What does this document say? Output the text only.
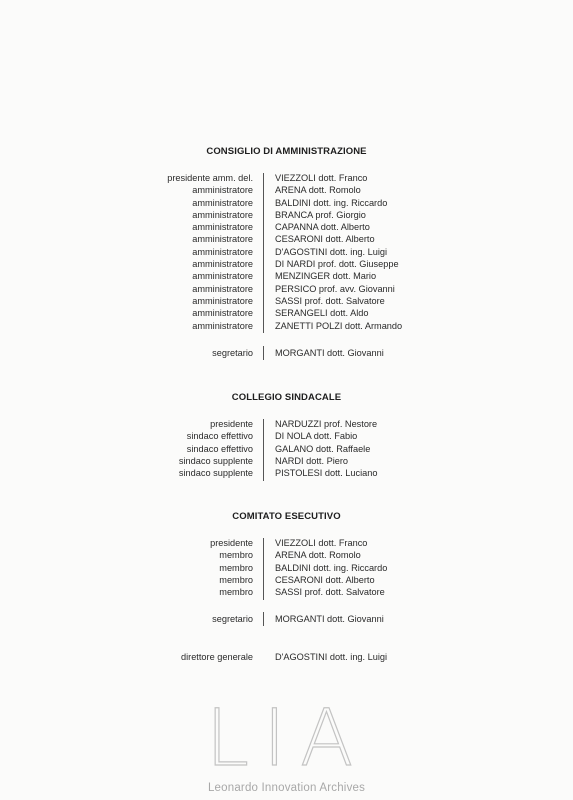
CONSIGLIO DI AMMINISTRAZIONE
presidente amm. del. VIEZZOLI dott. Franco
amministratore ARENA dott. Romolo
amministratore BALDINI dott. ing. Riccardo
amministratore BRANCA prof. Giorgio
amministratore CAPANNA dott. Alberto
amministratore CESARONI dott. Alberto
amministratore D'AGOSTINI dott. ing. Luigi
amministratore DI NARDI prof. dott. Giuseppe
amministratore MENZINGER dott. Mario
amministratore PERSICO prof. avv. Giovanni
amministratore SASSI prof. dott. Salvatore
amministratore SERANGELI dott. Aldo
amministratore ZANETTI POLZI dott. Armando
segretario MORGANTI dott. Giovanni
COLLEGIO SINDACALE
presidente NARDUZZI prof. Nestore
sindaco effettivo DI NOLA dott. Fabio
sindaco effettivo GALANO dott. Raffaele
sindaco supplente NARDI dott. Piero
sindaco supplente PISTOLESI dott. Luciano
COMITATO ESECUTIVO
presidente VIEZZOLI dott. Franco
membro ARENA dott. Romolo
membro BALDINI dott. ing. Riccardo
membro CESARONI dott. Alberto
membro SASSI prof. dott. Salvatore
segretario MORGANTI dott. Giovanni
direttore generale D'AGOSTINI dott. ing. Luigi
LIA
Leonardo Innovation Archives
